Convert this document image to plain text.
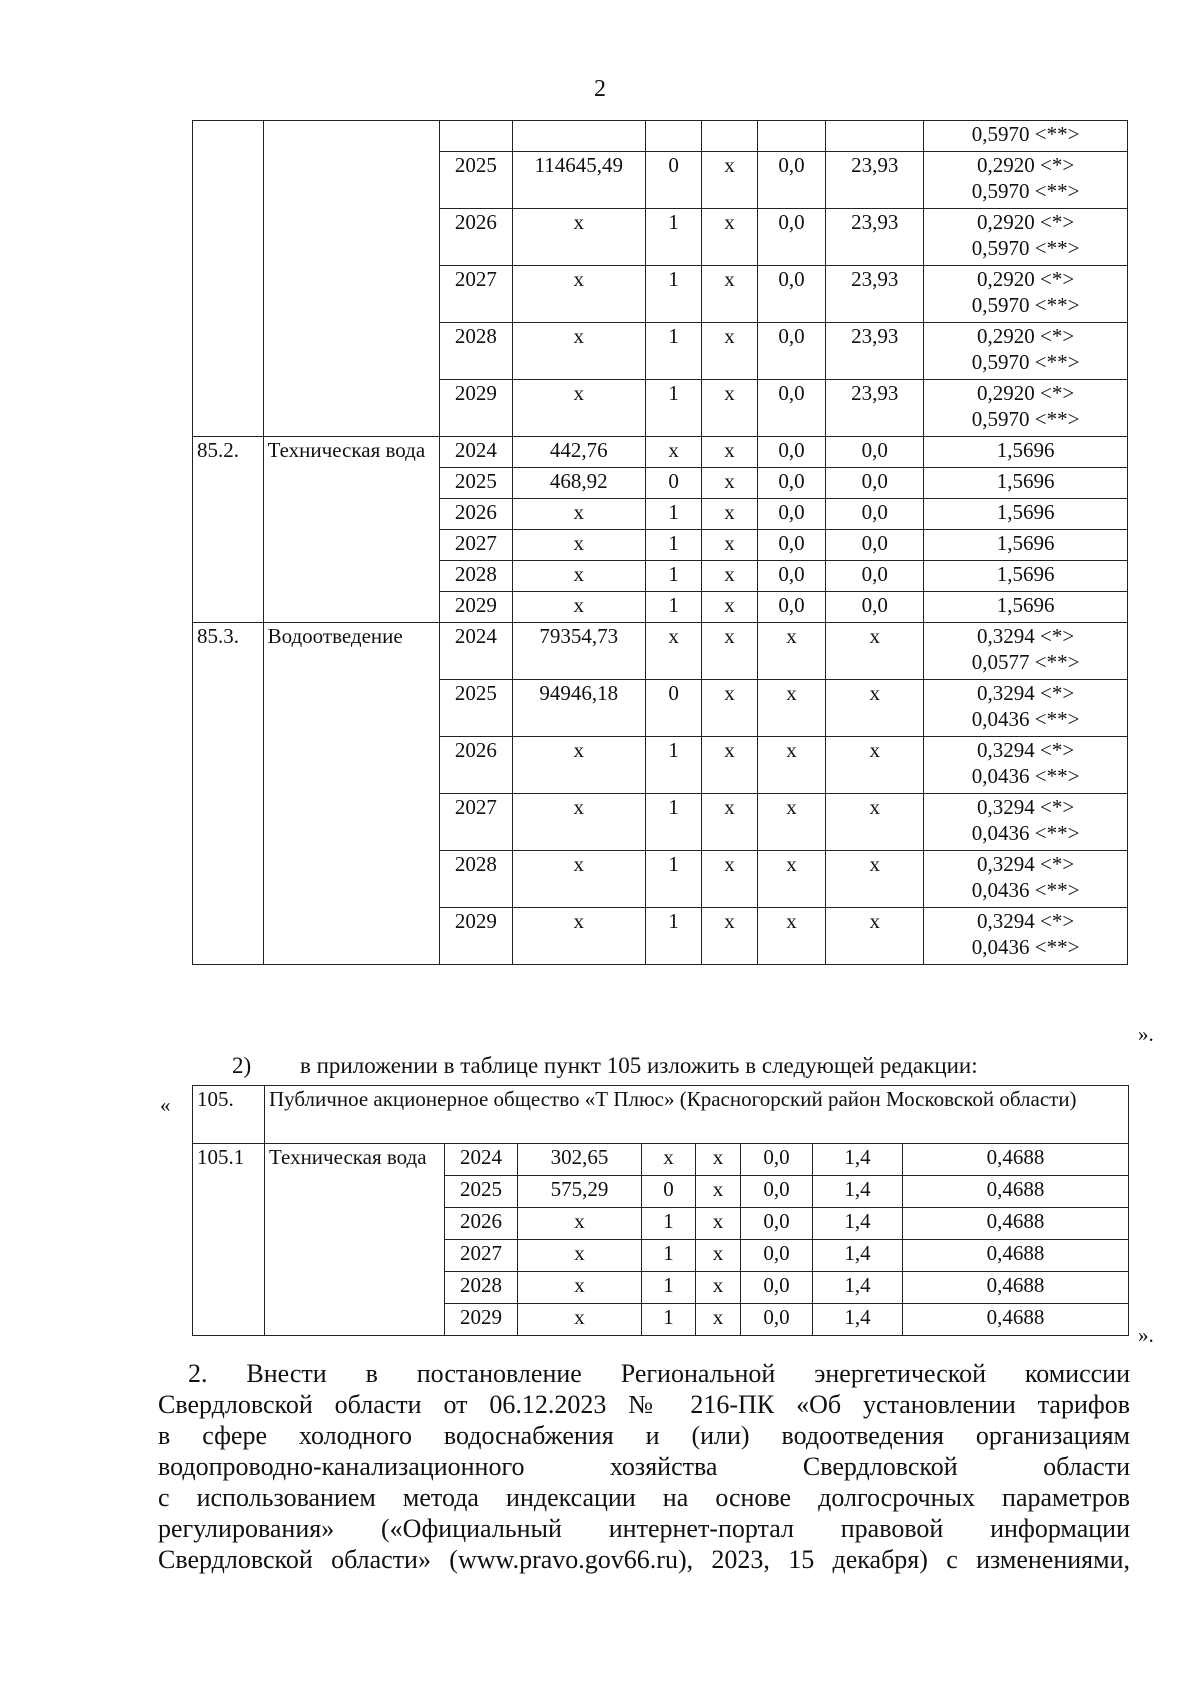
2

								0,5970 <**>

		2025	114645,49	0	x	0,0	23,93	0,2920 <*>
0,5970 <**>

		2026	x	1	x	0,0	23,93	0,2920 <*>
0,5970 <**>

		2027	x	1	x	0,0	23,93	0,2920 <*>
0,5970 <**>

		2028	x	1	x	0,0	23,93	0,2920 <*>
0,5970 <**>

		2029	x	1	x	0,0	23,93	0,2920 <*>
0,5970 <**>

85.2.	Техническая вода	2024	442,76	x	x	0,0	0,0	1,5696

		2025	468,92	0	x	0,0	0,0	1,5696

		2026	x	1	x	0,0	0,0	1,5696

		2027	x	1	x	0,0	0,0	1,5696

		2028	x	1	x	0,0	0,0	1,5696

		2029	x	1	x	0,0	0,0	1,5696

85.3.	Водоотведение	2024	79354,73	x	x	x	x	0,3294 <*>
0,0577 <**>

		2025	94946,18	0	x	x	x	0,3294 <*>
0,0436 <**>

		2026	x	1	x	x	x	0,3294 <*>
0,0436 <**>

		2027	x	1	x	x	x	0,3294 <*>
0,0436 <**>

		2028	x	1	x	x	x	0,3294 <*>
0,0436 <**>

		2029	x	1	x	x	x	0,3294 <*>
0,0436 <**>
».
2) в приложении в таблице пункт 105 изложить в следующей редакции:
« 105.	Публичное акционерное общество «Т Плюс» (Красногорский район Московской области)							
105.1	Техническая вода	2024	302,65	x	x	0,0	1,4	0,4688
		2025	575,29	0	x	0,0	1,4	0,4688
		2026	x	1	x	0,0	1,4	0,4688
		2027	x	1	x	0,0	1,4	0,4688
		2028	x	1	x	0,0	1,4	0,4688
		2029	x	1	x	0,0	1,4	0,4688
».
2. Внести в постановление Региональной энергетической комиссии
Свердловской области от 06.12.2023 № 216-ПК «Об установлении тарифов
в сфере холодного водоснабжения и (или) водоотведения организациям
водопроводно-канализационного хозяйства Свердловской области
с использованием метода индексации на основе долгосрочных параметров
регулирования» («Официальный интернет-портал правовой информации
Свердловской области» (www.pravo.gov66.ru), 2023, 15 декабря) с изменениями,
